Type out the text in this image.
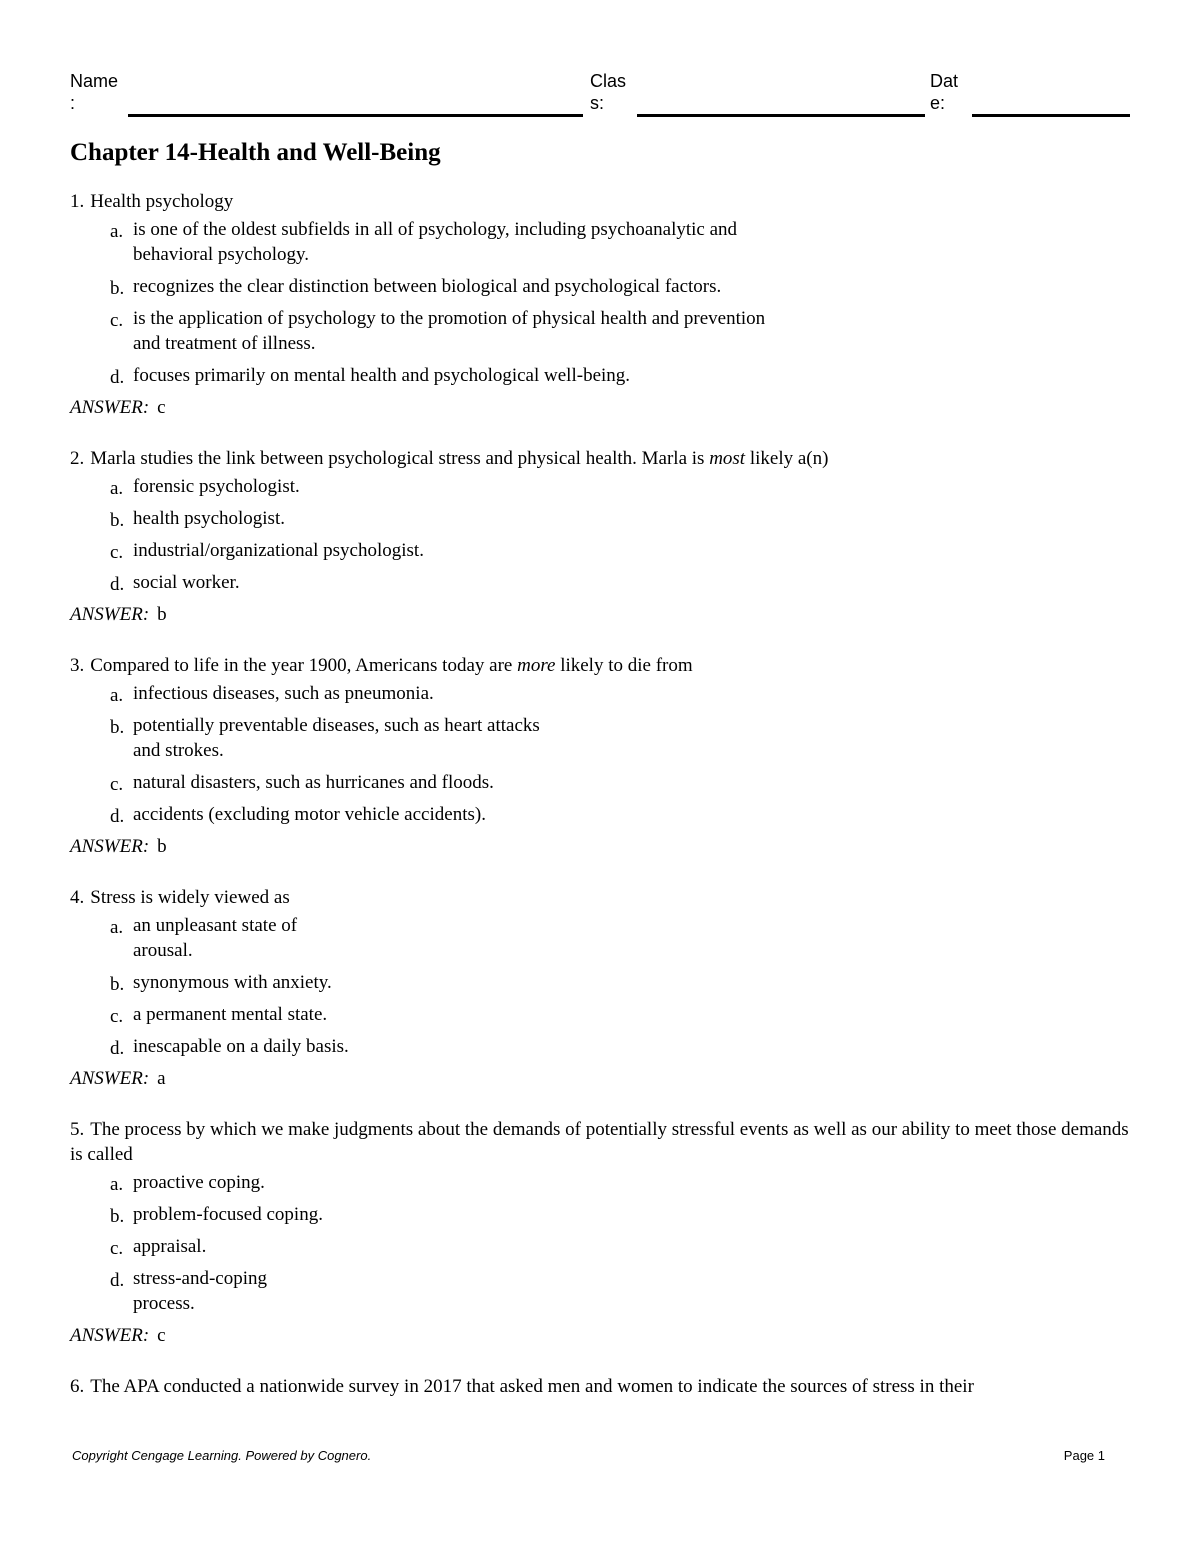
Name
:
Clas
s:
Dat
e:
Chapter 14-Health and Well-Being
1. Health psychology
a. is one of the oldest subfields in all of psychology, including psychoanalytic and behavioral psychology.
b. recognizes the clear distinction between biological and psychological factors.
c. is the application of psychology to the promotion of physical health and prevention and treatment of illness.
d. focuses primarily on mental health and psychological well-being.
ANSWER: c
2. Marla studies the link between psychological stress and physical health. Marla is most likely a(n)
a. forensic psychologist.
b. health psychologist.
c. industrial/organizational psychologist.
d. social worker.
ANSWER: b
3. Compared to life in the year 1900, Americans today are more likely to die from
a. infectious diseases, such as pneumonia.
b. potentially preventable diseases, such as heart attacks and strokes.
c. natural disasters, such as hurricanes and floods.
d. accidents (excluding motor vehicle accidents).
ANSWER: b
4. Stress is widely viewed as
a. an unpleasant state of arousal.
b. synonymous with anxiety.
c. a permanent mental state.
d. inescapable on a daily basis.
ANSWER: a
5. The process by which we make judgments about the demands of potentially stressful events as well as our ability to meet those demands is called
a. proactive coping.
b. problem-focused coping.
c. appraisal.
d. stress-and-coping process.
ANSWER: c
6. The APA conducted a nationwide survey in 2017 that asked men and women to indicate the sources of stress in their
Copyright Cengage Learning. Powered by Cognero.	Page 1
